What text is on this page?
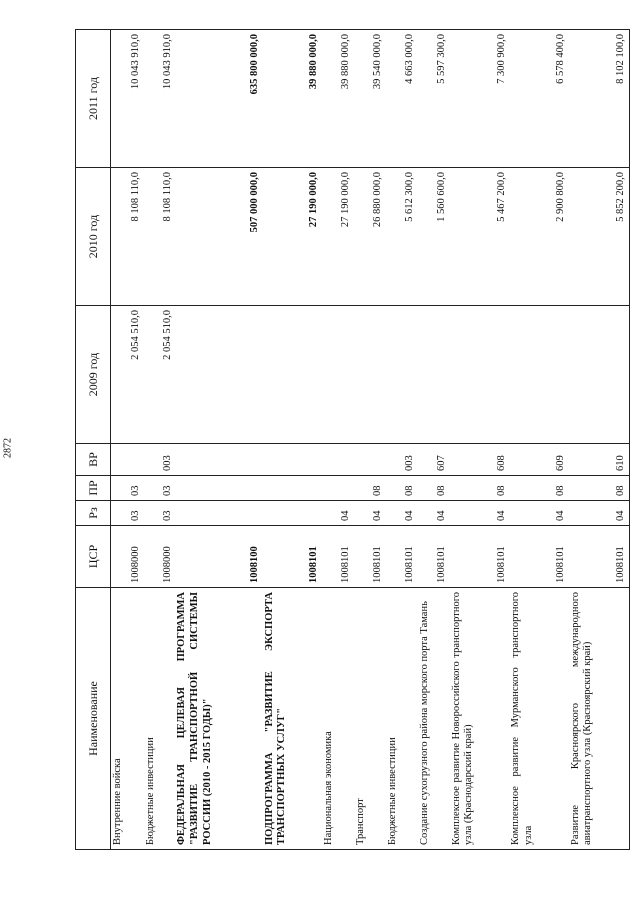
2872
Наименование	ЦСР	Рз	ПР	ВР	2009 год	2010 год	2011 год
Внутренние войска	1008000	03	03		2 054 510,0	8 108 110,0	10 043 910,0
Бюджетные инвестиции	1008000	03	03	003	2 054 510,0	8 108 110,0	10 043 910,0
ФЕДЕРАЛЬНАЯ ЦЕЛЕВАЯ ПРОГРАММА "РАЗВИТИЕ ТРАНСПОРТНОЙ СИСТЕМЫ РОССИИ (2010 - 2015 ГОДЫ)"	1008100					507 000 000,0	635 800 000,0
ПОДПРОГРАММА "РАЗВИТИЕ ЭКСПОРТА ТРАНСПОРТНЫХ УСЛУГ"	1008101					27 190 000,0	39 880 000,0
Национальная экономика	1008101	04				27 190 000,0	39 880 000,0
Транспорт	1008101	04	08			26 880 000,0	39 540 000,0
Бюджетные инвестиции	1008101	04	08	003		5 612 300,0	4 663 000,0
Создание сухогрузного района морского порта Тамань	1008101	04	08	607		1 560 600,0	5 597 300,0
Комплексное развитие Новороссийского транспортного узла (Краснодарский край)	1008101	04	08	608		5 467 200,0	7 300 900,0
Комплексное развитие Мурманского транспортного узла	1008101	04	08	609		2 900 800,0	6 578 400,0
Развитие Красноярского международного авиатранспортного узла (Красноярский край)	1008101	04	08	610		5 852 200,0	8 102 100,0
